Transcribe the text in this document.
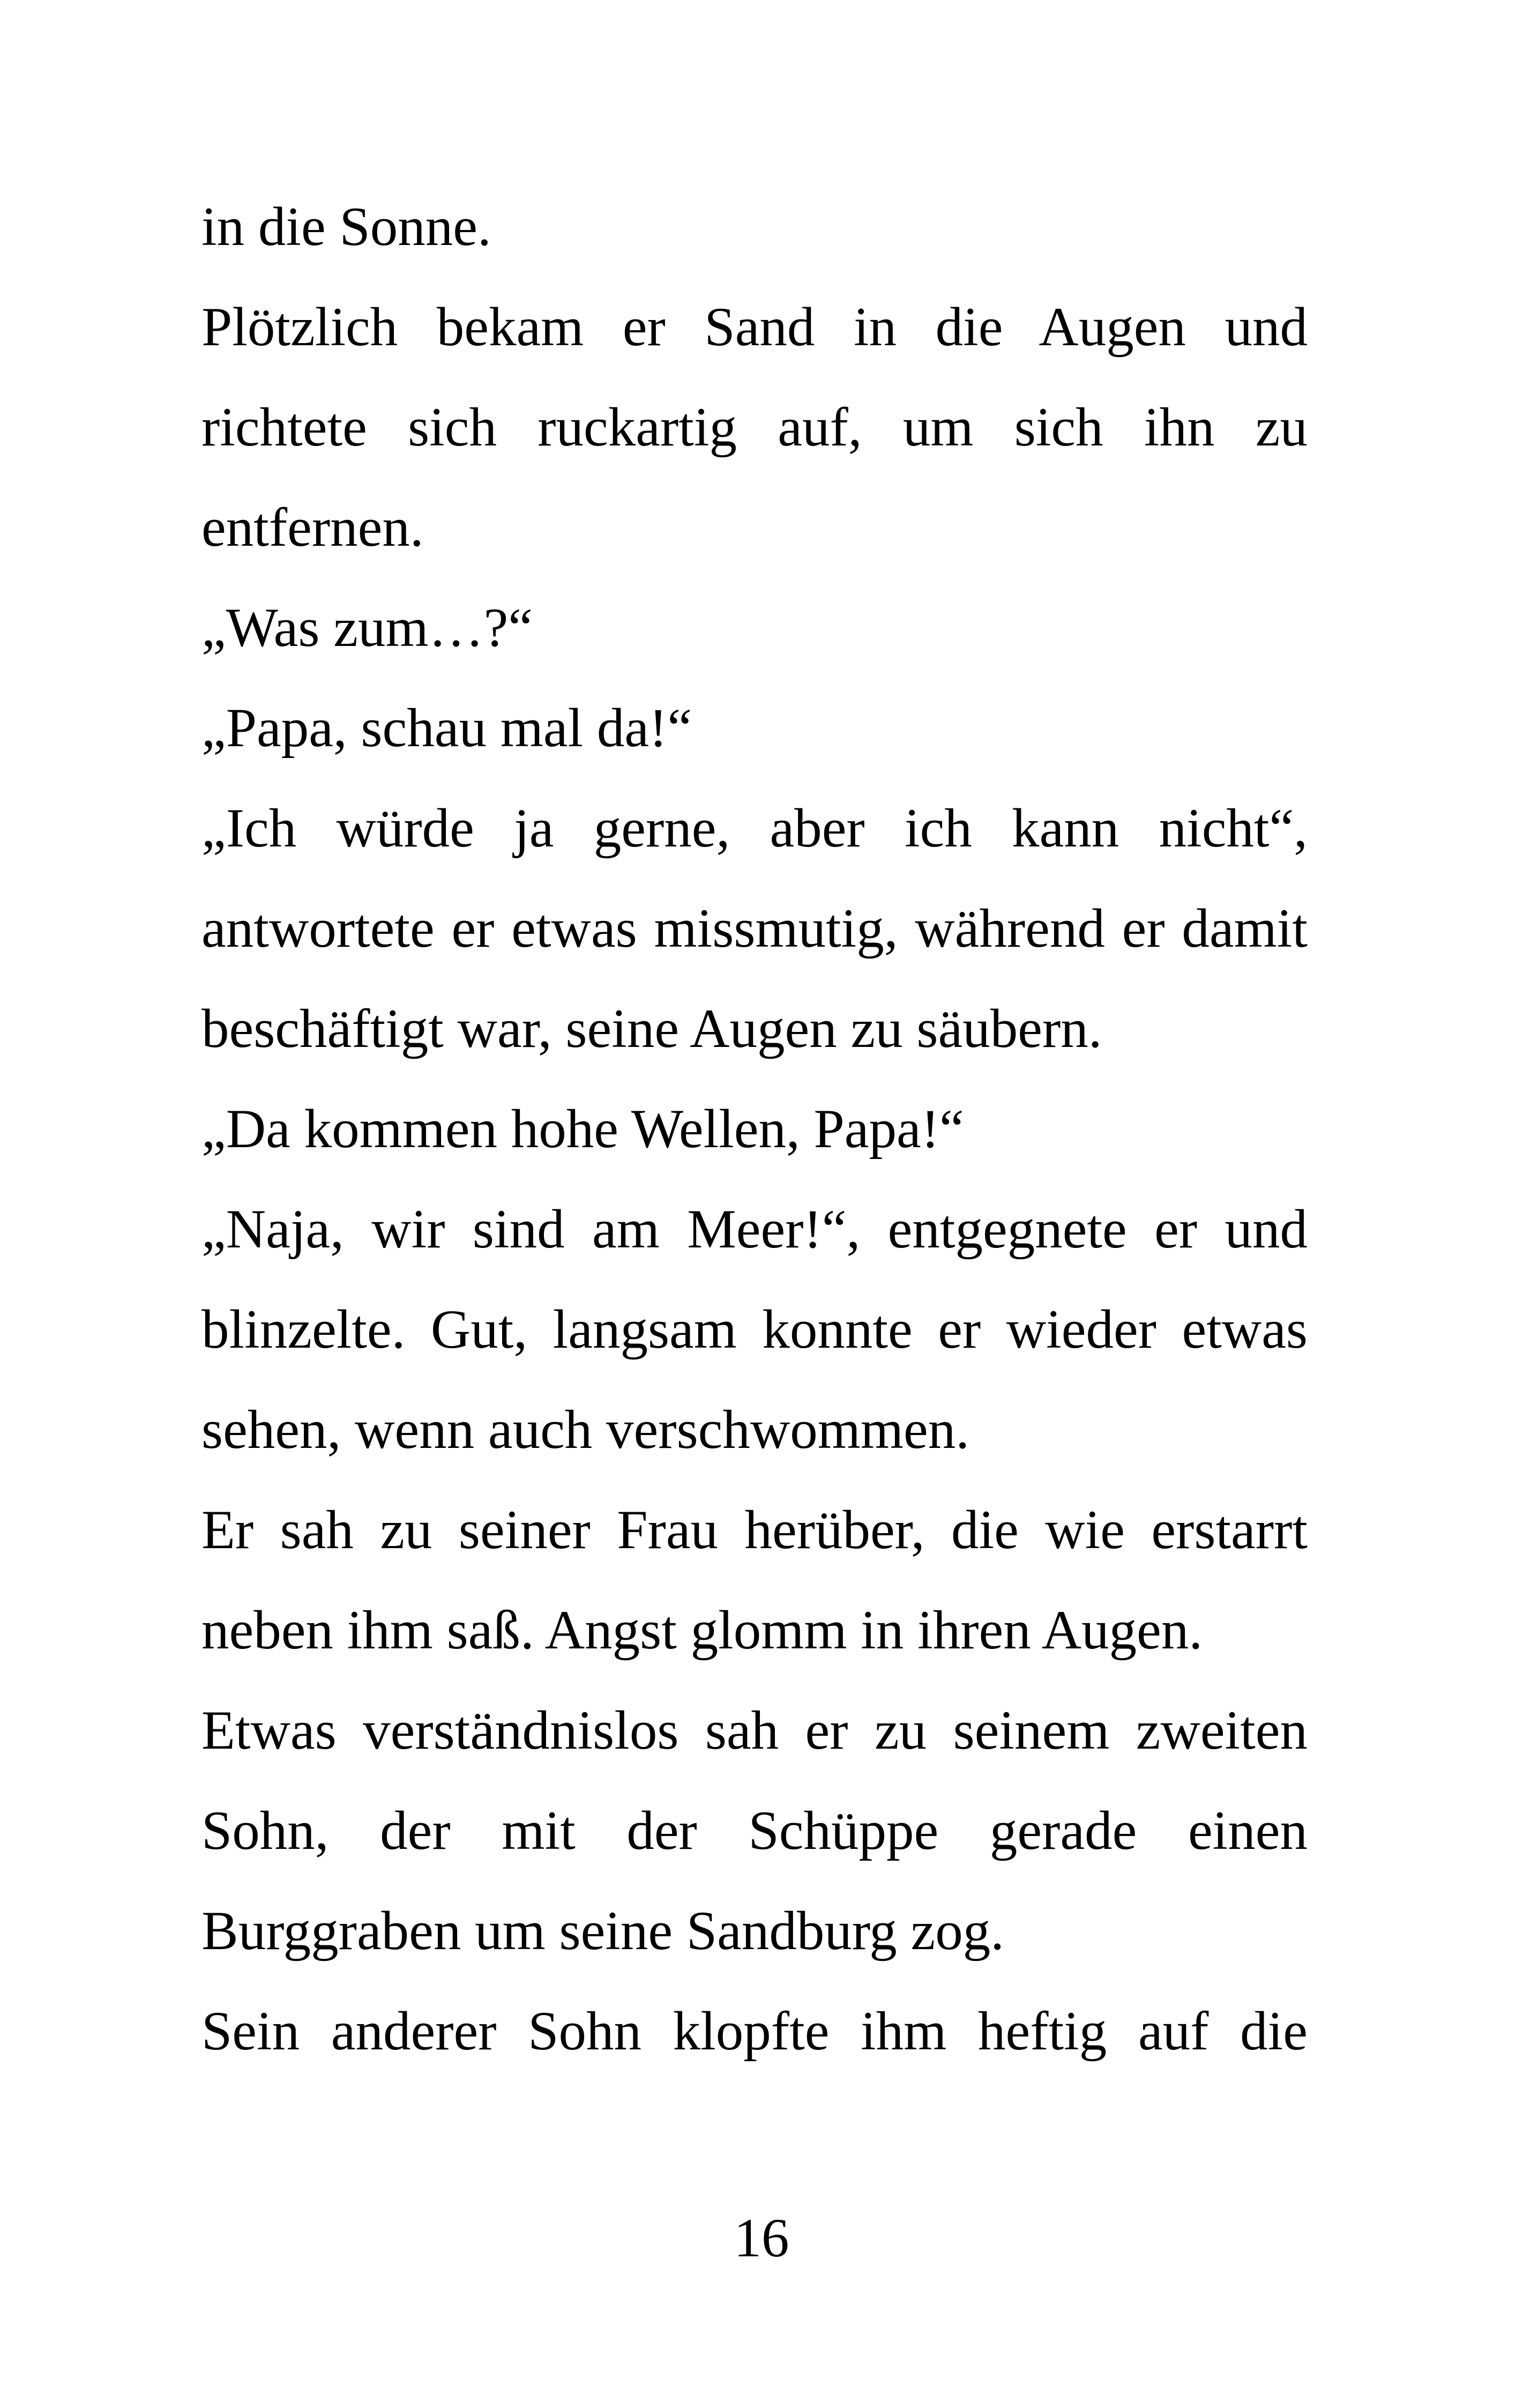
in die Sonne.

Plötzlich bekam er Sand in die Augen und richtete sich ruckartig auf, um sich ihn zu entfernen.

„Was zum…?“

„Papa, schau mal da!“

„Ich würde ja gerne, aber ich kann nicht“, antwortete er etwas missmutig, während er damit beschäftigt war, seine Augen zu säubern.

„Da kommen hohe Wellen, Papa!“

„Naja, wir sind am Meer!“, entgegnete er und blinzelte. Gut, langsam konnte er wieder etwas sehen, wenn auch verschwommen.

Er sah zu seiner Frau herüber, die wie erstarrt neben ihm saß. Angst glomm in ihren Augen.

Etwas verständnislos sah er zu seinem zweiten Sohn, der mit der Schüppe gerade einen Burggraben um seine Sandburg zog.

Sein anderer Sohn klopfte ihm heftig auf die

16
